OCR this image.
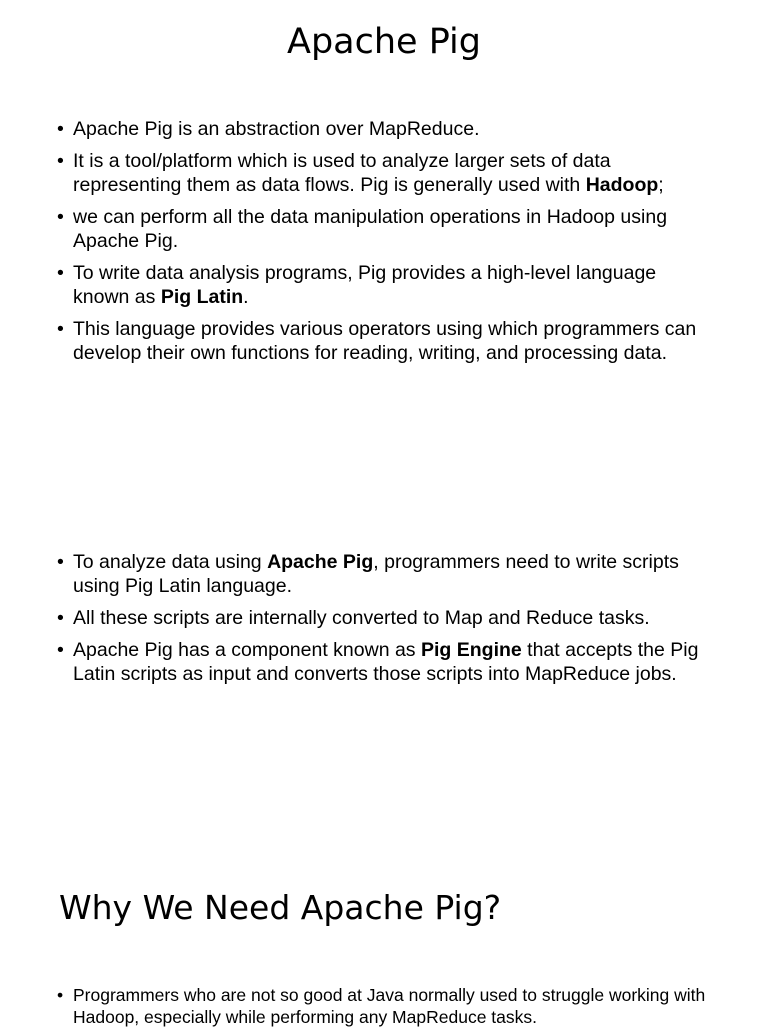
Apache Pig
• Apache Pig is an abstraction over MapReduce.
• It is a tool/platform which is used to analyze larger sets of data representing them as data flows. Pig is generally used with Hadoop;
• we can perform all the data manipulation operations in Hadoop using Apache Pig.
• To write data analysis programs, Pig provides a high-level language known as Pig Latin.
• This language provides various operators using which programmers can develop their own functions for reading, writing, and processing data.
• To analyze data using Apache Pig, programmers need to write scripts using Pig Latin language.
• All these scripts are internally converted to Map and Reduce tasks.
• Apache Pig has a component known as Pig Engine that accepts the Pig Latin scripts as input and converts those scripts into MapReduce jobs.
Why We Need Apache Pig?
• Programmers who are not so good at Java normally used to struggle working with Hadoop, especially while performing any MapReduce tasks.
